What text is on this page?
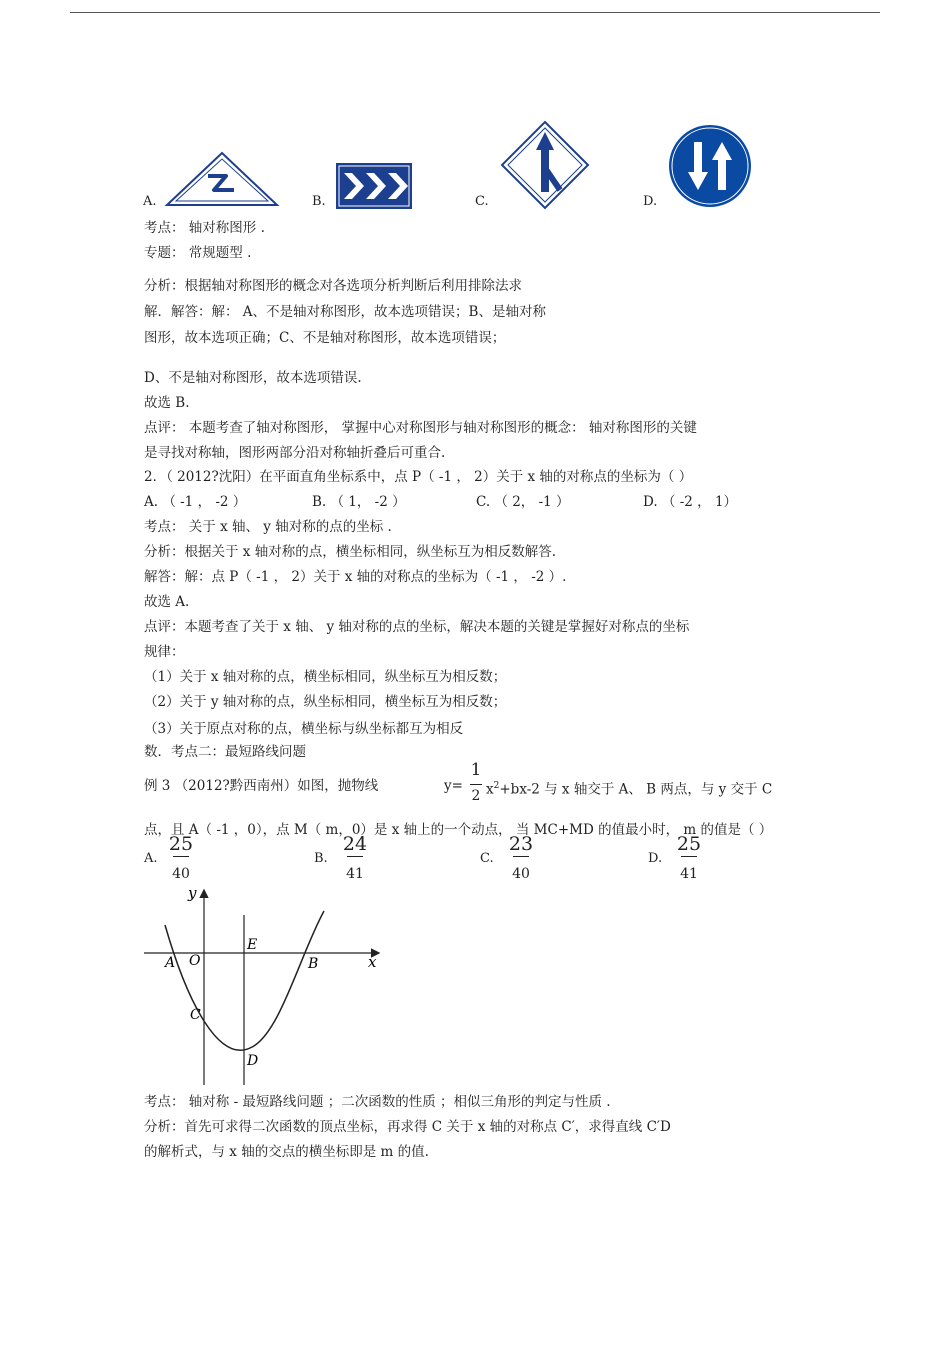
A.	B.	C.	D.
考点： 轴对称图形 .
专题： 常规题型 .
分析：根据轴对称图形的概念对各选项分析判断后利用排除法求
解．解答：解： A、不是轴对称图形，故本选项错误；B、是轴对称
图形，故本选项正确；C、不是轴对称图形，故本选项错误；
D、不是轴对称图形，故本选项错误.
故选 B.
点评： 本题考查了轴对称图形， 掌握中心对称图形与轴对称图形的概念： 轴对称图形的关键
是寻找对称轴，图形两部分沿对称轴折叠后可重合.
2．（ 2012?沈阳）在平面直角坐标系中，点 P（ -1 ， 2）关于 x 轴的对称点的坐标为（ ）
A. （ -1 ， -2 ）	B. （ 1， -2 ）	C. （ 2， -1 ）	D. （ -2 ， 1）
考点： 关于 x 轴、 y 轴对称的点的坐标 .
分析：根据关于 x 轴对称的点，横坐标相同，纵坐标互为相反数解答.
解答：解：点 P（ -1 ， 2）关于 x 轴的对称点的坐标为（ -1 ， -2 ）.
故选 A.
点评：本题考查了关于 x 轴、 y 轴对称的点的坐标，解决本题的关键是掌握好对称点的坐标
规律：
（1）关于 x 轴对称的点，横坐标相同，纵坐标互为相反数；
（2）关于 y 轴对称的点，纵坐标相同，横坐标互为相反数；
（3）关于原点对称的点，横坐标与纵坐标都互为相反
数．考点二：最短路线问题
例 3 （2012?黔西南州）如图，抛物线	y=
1
2 $x^2+bx-2$ 与 x 轴交于 A、 B 两点，与 y 交于 C
点，且 A（ -1 ，0），点 M（ m，0）是 x 轴上的一个动点， 当 MC+MD 的值最小时， m 的值是（ ）
A.
25
40
B.
24
41
C.
23
40
D.
25
41
y
x
A O
E
B
C
D
考点： 轴对称 - 最短路线问题 ；二次函数的性质 ；相似三角形的判定与性质 .
分析：首先可求得二次函数的顶点坐标，再求得 C 关于 x 轴的对称点 C′，求得直线 C′D
的解析式，与 x 轴的交点的横坐标即是 m 的值.
